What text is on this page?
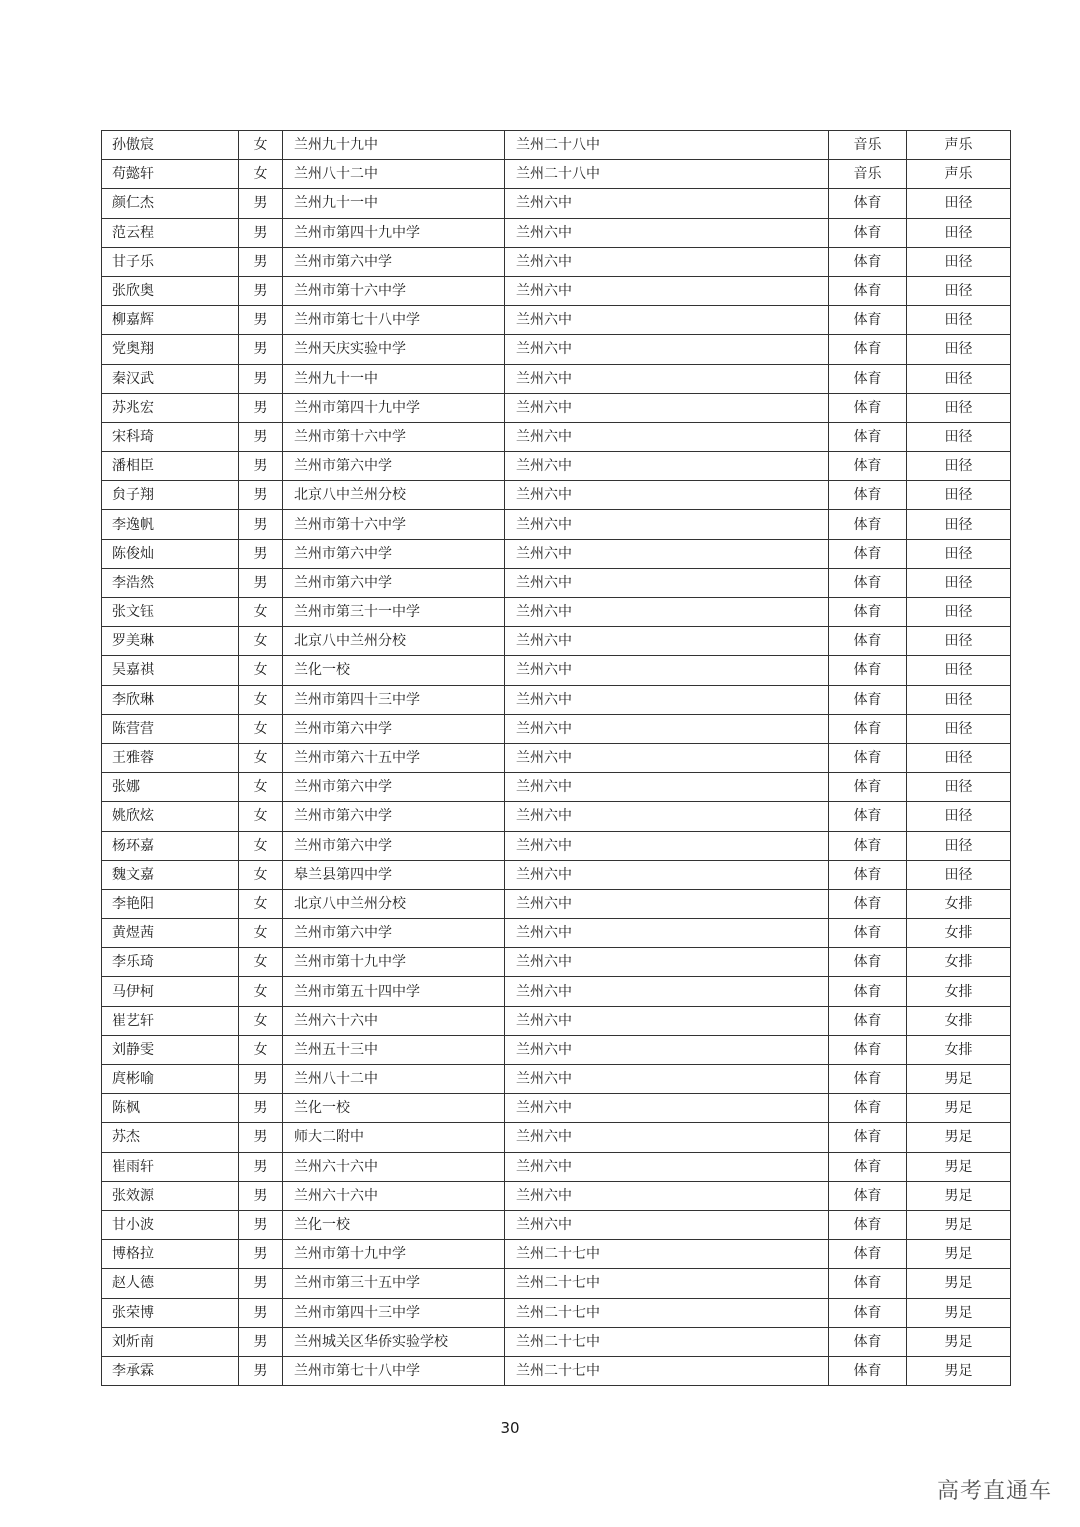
孙傲宸	女	兰州九十九中	兰州二十八中	音乐	声乐
苟懿轩	女	兰州八十二中	兰州二十八中	音乐	声乐
颜仁杰	男	兰州九十一中	兰州六中	体育	田径
范云程	男	兰州市第四十九中学	兰州六中	体育	田径
甘子乐	男	兰州市第六中学	兰州六中	体育	田径
张欣奥	男	兰州市第十六中学	兰州六中	体育	田径
柳嘉辉	男	兰州市第七十八中学	兰州六中	体育	田径
党奥翔	男	兰州天庆实验中学	兰州六中	体育	田径
秦汉武	男	兰州九十一中	兰州六中	体育	田径
苏兆宏	男	兰州市第四十九中学	兰州六中	体育	田径
宋科琦	男	兰州市第十六中学	兰州六中	体育	田径
潘相臣	男	兰州市第六中学	兰州六中	体育	田径
贠子翔	男	北京八中兰州分校	兰州六中	体育	田径
李逸帆	男	兰州市第十六中学	兰州六中	体育	田径
陈俊灿	男	兰州市第六中学	兰州六中	体育	田径
李浩然	男	兰州市第六中学	兰州六中	体育	田径
张文钰	女	兰州市第三十一中学	兰州六中	体育	田径
罗美琳	女	北京八中兰州分校	兰州六中	体育	田径
吴嘉祺	女	兰化一校	兰州六中	体育	田径
李欣琳	女	兰州市第四十三中学	兰州六中	体育	田径
陈营营	女	兰州市第六中学	兰州六中	体育	田径
王雅蓉	女	兰州市第六十五中学	兰州六中	体育	田径
张娜	女	兰州市第六中学	兰州六中	体育	田径
姚欣炫	女	兰州市第六中学	兰州六中	体育	田径
杨环嘉	女	兰州市第六中学	兰州六中	体育	田径
魏文嘉	女	皋兰县第四中学	兰州六中	体育	田径
李艳阳	女	北京八中兰州分校	兰州六中	体育	女排
黄煜茜	女	兰州市第六中学	兰州六中	体育	女排
李乐琦	女	兰州市第十九中学	兰州六中	体育	女排
马伊柯	女	兰州市第五十四中学	兰州六中	体育	女排
崔艺轩	女	兰州六十六中	兰州六中	体育	女排
刘静雯	女	兰州五十三中	兰州六中	体育	女排
庹彬喻	男	兰州八十二中	兰州六中	体育	男足
陈枫	男	兰化一校	兰州六中	体育	男足
苏杰	男	师大二附中	兰州六中	体育	男足
崔雨轩	男	兰州六十六中	兰州六中	体育	男足
张效源	男	兰州六十六中	兰州六中	体育	男足
甘小波	男	兰化一校	兰州六中	体育	男足
博格拉	男	兰州市第十九中学	兰州二十七中	体育	男足
赵人德	男	兰州市第三十五中学	兰州二十七中	体育	男足
张荣博	男	兰州市第四十三中学	兰州二十七中	体育	男足
刘炘南	男	兰州城关区华侨实验学校	兰州二十七中	体育	男足
李承霖	男	兰州市第七十八中学	兰州二十七中	体育	男足
30
高考直通车
